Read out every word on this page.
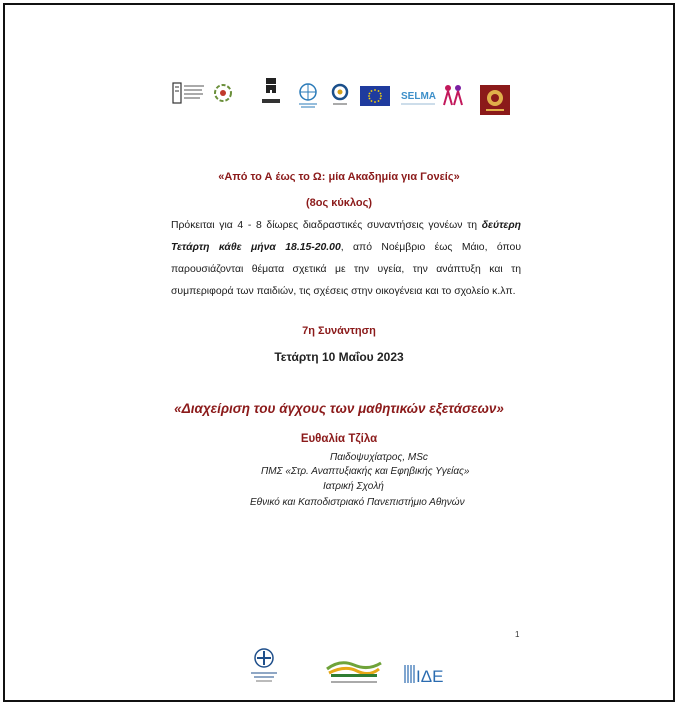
SELMA

«Από το Α έως το Ω: μία Ακαδημία για Γονείς»

(8ος κύκλος)

Πρόκειται για 4 - 8 δίωρες διαδραστικές συναντήσεις γονέων τη δεύτερη Τετάρτη κάθε μήνα 18.15-20.00, από Νοέμβριο έως Μάιο, όπου παρουσιάζονται θέματα σχετικά με την υγεία, την ανάπτυξη και τη συμπεριφορά των παιδιών, τις σχέσεις στην οικογένεια και το σχολείο κ.λπ.

7η Συνάντηση

Τετάρτη 10 Μαΐου 2023

«Διαχείριση του άγχους των μαθητικών εξετάσεων»

Ευθαλία Τζίλα

Παιδοψυχίατρος, MSc

ΠΜΣ «Στρ. Αναπτυξιακής και Εφηβικής Υγείας»

Ιατρική Σχολή

Εθνικό και Καποδιστριακό Πανεπιστήμιο Αθηνών

1

ΙΔΕ
